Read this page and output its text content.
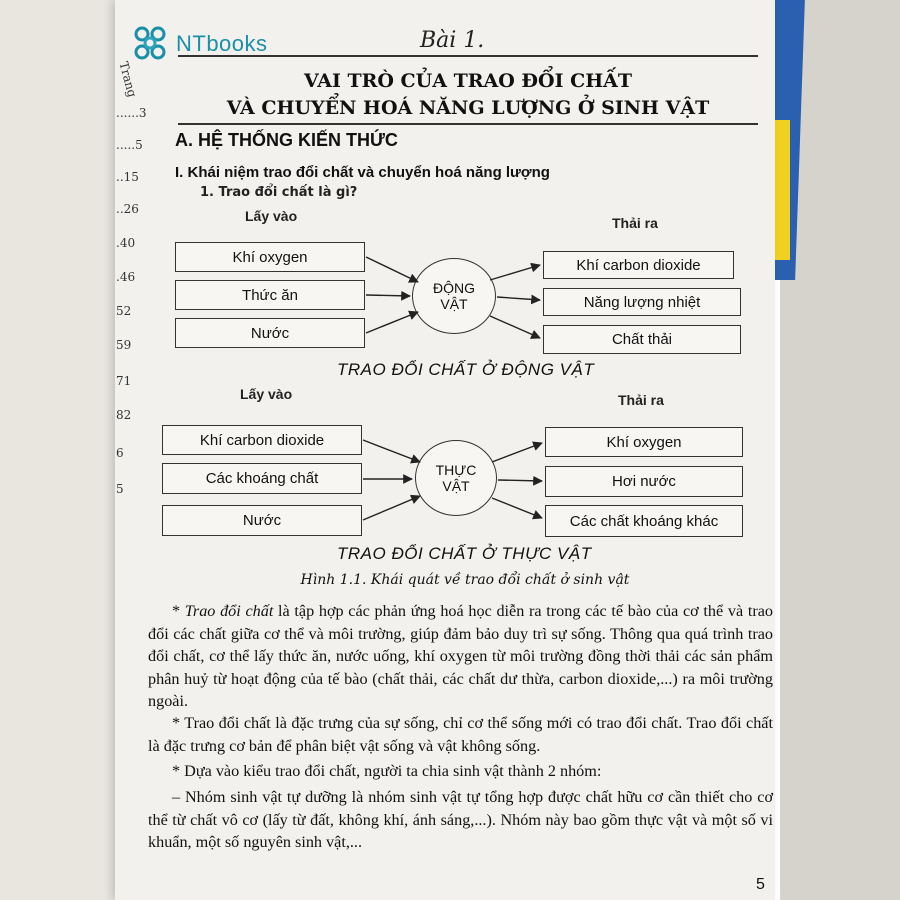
Trang
......3
.....5
..15
..26
.40
.46
52
59
71
82
6
5
NTbooks	Bài 1.
VAI TRÒ CỦA TRAO ĐỔI CHẤT
VÀ CHUYỂN HOÁ NĂNG LƯỢNG Ở SINH VẬT
A. HỆ THỐNG KIẾN THỨC
I. Khái niệm trao đổi chất và chuyển hoá năng lượng
1. Trao đổi chất là gì?
Lấy vào	Thải ra
Khí oxygen
Thức ăn
Nước
ĐỘNG
VẬT
Khí carbon dioxide
Năng lượng nhiệt
Chất thải
TRAO ĐỔI CHẤT Ở ĐỘNG VẬT
Lấy vào	Thải ra
Khí carbon dioxide
Các khoáng chất
Nước
THỰC
VẬT
Khí oxygen
Hơi nước
Các chất khoáng khác
TRAO ĐỔI CHẤT Ở THỰC VẬT
Hình 1.1. Khái quát về trao đổi chất ở sinh vật
* Trao đổi chất là tập hợp các phản ứng hoá học diễn ra trong các tế bào của cơ thể và trao đổi các chất giữa cơ thể và môi trường, giúp đảm bảo duy trì sự sống. Thông qua quá trình trao đổi chất, cơ thể lấy thức ăn, nước uống, khí oxygen từ môi trường đồng thời thải các sản phẩm phân huỷ từ hoạt động của tế bào (chất thải, các chất dư thừa, carbon dioxide,...) ra môi trường ngoài.
* Trao đổi chất là đặc trưng của sự sống, chỉ cơ thể sống mới có trao đổi chất. Trao đổi chất là đặc trưng cơ bản để phân biệt vật sống và vật không sống.
* Dựa vào kiểu trao đổi chất, người ta chia sinh vật thành 2 nhóm:
– Nhóm sinh vật tự dưỡng là nhóm sinh vật tự tổng hợp được chất hữu cơ cần thiết cho cơ thể từ chất vô cơ (lấy từ đất, không khí, ánh sáng,...). Nhóm này bao gồm thực vật và một số vi khuẩn, một số nguyên sinh vật,...
5
